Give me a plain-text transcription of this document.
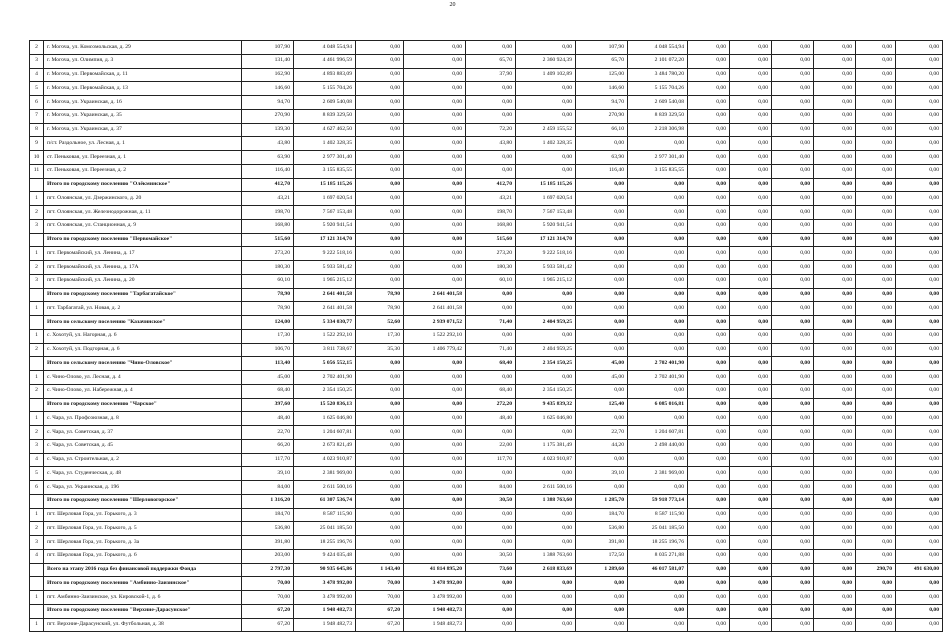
20
2	г. Могоча, ул. Комсомольская, д. 29	107,90	4 048 554,94	0,00	0,00	0,00	0,00	107,90	4 048 554,94	0,00	0,00	0,00	0,00	0,00	0,00
3	г. Могоча, ул. Олимпия, д. 3	131,40	4 461 996,59	0,00	0,00	65,70	2 360 924,39	65,70	2 101 072,20	0,00	0,00	0,00	0,00	0,00	0,00
4	г. Могоча, ул. Первомайская, д. 11	162,90	4 893 883,09	0,00	0,00	37,90	1 409 102,89	125,00	3 484 780,20	0,00	0,00	0,00	0,00	0,00	0,00
5	г. Могоча, ул. Первомайская, д. 13	146,60	5 155 704,26	0,00	0,00	0,00	0,00	146,60	5 155 704,26	0,00	0,00	0,00	0,00	0,00	0,00
6	г. Могоча, ул. Украинская, д. 16	94,70	2 609 540,08	0,00	0,00	0,00	0,00	94,70	2 609 540,08	0,00	0,00	0,00	0,00	0,00	0,00
7	г. Могоча, ул. Украинская, д. 35	270,90	8 839 329,50	0,00	0,00	0,00	0,00	270,90	8 839 329,50	0,00	0,00	0,00	0,00	0,00	0,00
8	г. Могоча, ул. Украинская, д. 37	139,30	4 627 462,50	0,00	0,00	72,20	2 459 155,52	66,10	2 218 306,98	0,00	0,00	0,00	0,00	0,00	0,00
9	п/ст. Раздольное, ул. Лесная, д. 1	43,80	1 402 328,35	0,00	0,00	43,80	1 402 328,35	0,00	0,00	0,00	0,00	0,00	0,00	0,00	0,00
10	ст. Пеньковая, ул. Переезная, д. 1	63,90	2 977 301,40	0,00	0,00	0,00	0,00	63,90	2 977 301,40	0,00	0,00	0,00	0,00	0,00	0,00
11	ст. Пеньковая, ул. Переезная, д. 2	116,40	3 155 835,55	0,00	0,00	0,00	0,00	116,40	3 155 835,55	0,00	0,00	0,00	0,00	0,00	0,00
	Итого по городскому поселению "Олёкминское"	412,70	15 185 115,26	0,00	0,00	412,70	15 185 115,26	0,00	0,00	0,00	0,00	0,00	0,00	0,00	0,00
1	пгт. Олоянская, ул. Дзержинского, д. 20	43,21	1 697 020,54	0,00	0,00	43,21	1 697 020,54	0,00	0,00	0,00	0,00	0,00	0,00	0,00	0,00
2	пгт. Олоянская, ул. Железнодорожная, д. 11	198,70	7 567 153,48	0,00	0,00	198,70	7 567 153,48	0,00	0,00	0,00	0,00	0,00	0,00	0,00	0,00
3	пгт. Олоянская, ул. Станционная, д. 9	168,80	5 920 941,54	0,00	0,00	168,80	5 920 941,54	0,00	0,00	0,00	0,00	0,00	0,00	0,00	0,00
	Итого по городскому поселению "Первомайское"	515,60	17 121 314,70	0,00	0,00	515,60	17 121 314,70	0,00	0,00	0,00	0,00	0,00	0,00	0,00	0,00
1	пгт. Первомайский, ул. Ленина, д. 17	273,20	9 222 518,16	0,00	0,00	273,20	9 222 518,16	0,00	0,00	0,00	0,00	0,00	0,00	0,00	0,00
2	пгт. Первомайский, ул. Ленина, д. 17А	180,30	5 933 581,42	0,00	0,00	180,30	5 933 581,42	0,00	0,00	0,00	0,00	0,00	0,00	0,00	0,00
3	пгт. Первомайский, ул. Ленина, д. 20	60,10	1 965 215,12	0,00	0,00	60,10	1 965 215,12	0,00	0,00	0,00	0,00	0,00	0,00	0,00	0,00
	Итого по городскому поселению "Тарбагатайское"	78,90	2 641 401,58	78,90	2 641 401,58	0,00	0,00	0,00	0,00	0,00	0,00	0,00	0,00	0,00	0,00
1	пгт. Тарбагатай, ул. Новая, д. 2	78,90	2 641 401,58	78,90	2 641 401,58	0,00	0,00	0,00	0,00	0,00	0,00	0,00	0,00	0,00	0,00
	Итого по сельскому поселению "Казачинское"	124,00	5 334 030,77	52,60	2 939 071,52	71,40	2 404 959,25	0,00	0,00	0,00	0,00	0,00	0,00	0,00	0,00
1	с. Хохотуй, ул. Нагорная, д. 6	17,30	1 522 292,10	17,30	1 522 292,10	0,00	0,00	0,00	0,00	0,00	0,00	0,00	0,00	0,00	0,00
2	с. Хохотуй, ул. Подгорная, д. 6	106,70	3 811 738,67	35,30	1 406 779,42	71,40	2 404 959,25	0,00	0,00	0,00	0,00	0,00	0,00	0,00	0,00
	Итого по сельскому поселению "Чино-Оловское"	113,40	5 056 552,15	0,00	0,00	68,40	2 354 150,25	45,00	2 702 401,90	0,00	0,00	0,00	0,00	0,00	0,00
1	с. Чино-Олово, ул. Лесная, д. 4	45,00	2 702 401,90	0,00	0,00	0,00	0,00	45,00	2 702 401,90	0,00	0,00	0,00	0,00	0,00	0,00
2	с. Чино-Олово, ул. Набережная, д. 4	68,40	2 354 150,25	0,00	0,00	68,40	2 354 150,25	0,00	0,00	0,00	0,00	0,00	0,00	0,00	0,00
	Итого по городскому поселению "Чарское"	397,60	15 520 836,13	0,00	0,00	272,20	9 435 839,32	125,40	6 085 016,81	0,00	0,00	0,00	0,00	0,00	0,00
1	с. Чара, ул. Профсоюзная, д. 8	48,40	1 625 046,80	0,00	0,00	48,40	1 625 046,80	0,00	0,00	0,00	0,00	0,00	0,00	0,00	0,00
2	с. Чара, ул. Советская, д. 37	22,70	1 204 607,81	0,00	0,00	0,00	0,00	22,70	1 204 607,81	0,00	0,00	0,00	0,00	0,00	0,00
3	с. Чара, ул. Советская, д. 45	66,20	2 673 821,49	0,00	0,00	22,00	1 175 381,49	44,20	2 498 440,00	0,00	0,00	0,00	0,00	0,00	0,00
4	с. Чара, ул. Строительная, д. 2	117,70	4 023 910,87	0,00	0,00	117,70	4 023 910,87	0,00	0,00	0,00	0,00	0,00	0,00	0,00	0,00
5	с. Чара, ул. Студенческая, д. 48	39,10	2 381 969,00	0,00	0,00	0,00	0,00	39,10	2 381 969,00	0,00	0,00	0,00	0,00	0,00	0,00
6	с. Чара, ул. Украинская, д. 196	84,00	2 611 500,16	0,00	0,00	84,00	2 611 500,16	0,00	0,00	0,00	0,00	0,00	0,00	0,00	0,00
	Итого по городскому поселению "Шерловогорское"	1 316,20	61 307 536,74	0,00	0,00	30,50	1 388 763,60	1 285,70	59 918 773,14	0,00	0,00	0,00	0,00	0,00	0,00
1	пгт. Шерловая Гора, ул. Горького, д. 3	184,70	8 587 115,90	0,00	0,00	0,00	0,00	184,70	8 587 115,90	0,00	0,00	0,00	0,00	0,00	0,00
2	пгт. Шерловая Гора, ул. Горького, д. 5	536,80	25 041 185,50	0,00	0,00	0,00	0,00	536,80	25 041 185,50	0,00	0,00	0,00	0,00	0,00	0,00
3	пгт. Шерловая Гора, ул. Горького, д. 3а	391,80	18 255 196,76	0,00	0,00	0,00	0,00	391,80	18 255 196,76	0,00	0,00	0,00	0,00	0,00	0,00
4	пгт. Шерловая Гора, ул. Горького, д. 6	203,00	9 424 035,48	0,00	0,00	30,50	1 388 763,60	172,50	8 035 271,88	0,00	0,00	0,00	0,00	0,00	0,00
	Всего на этапу 2016 года без финансовой поддержки Фонда	2 797,30	90 935 645,86	1 143,40	41 814 895,20	73,60	2 618 833,69	1 289,60	46 017 581,07	0,00	0,00	0,00	0,00	290,70	491 630,00
	Итого по городскому поселению "Амбинно-Заизинское"	70,00	3 478 992,00	70,00	3 478 992,00	0,00	0,00	0,00	0,00	0,00	0,00	0,00	0,00	0,00	0,00
1	пгт. Амбинно-Заизинское, ул. Кировской-1, д. 6	70,00	3 478 992,00	70,00	3 478 992,00	0,00	0,00	0,00	0,00	0,00	0,00	0,00	0,00	0,00	0,00
	Итого по городскому поселению "Верхние-Дарасунское"	67,20	1 948 482,73	67,20	1 948 482,73	0,00	0,00	0,00	0,00	0,00	0,00	0,00	0,00	0,00	0,00
1	пгт. Верхние-Дарасунский, ул. Футбольная, д. 38	67,20	1 948 482,73	67,20	1 948 482,73	0,00	0,00	0,00	0,00	0,00	0,00	0,00	0,00	0,00	0,00
